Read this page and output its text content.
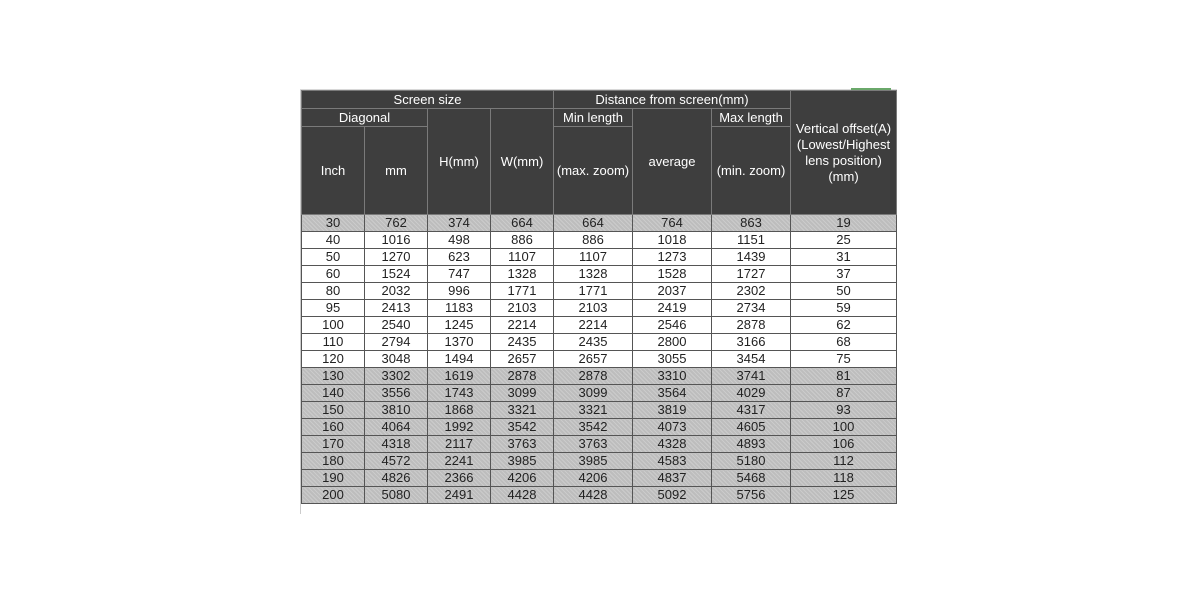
Screen size				Distance from screen(mm)			Vertical offset(A) (Lowest/Highest lens position) (mm)
Diagonal		H(mm)	W(mm)	Min length	average	Max length	
Inch	mm			(max. zoom)		(min. zoom)	
30	762	374	664	664	764	863	19
40	1016	498	886	886	1018	1151	25
50	1270	623	1107	1107	1273	1439	31
60	1524	747	1328	1328	1528	1727	37
80	2032	996	1771	1771	2037	2302	50
95	2413	1183	2103	2103	2419	2734	59
100	2540	1245	2214	2214	2546	2878	62
110	2794	1370	2435	2435	2800	3166	68
120	3048	1494	2657	2657	3055	3454	75
130	3302	1619	2878	2878	3310	3741	81
140	3556	1743	3099	3099	3564	4029	87
150	3810	1868	3321	3321	3819	4317	93
160	4064	1992	3542	3542	4073	4605	100
170	4318	2117	3763	3763	4328	4893	106
180	4572	2241	3985	3985	4583	5180	112
190	4826	2366	4206	4206	4837	5468	118
200	5080	2491	4428	4428	5092	5756	125
